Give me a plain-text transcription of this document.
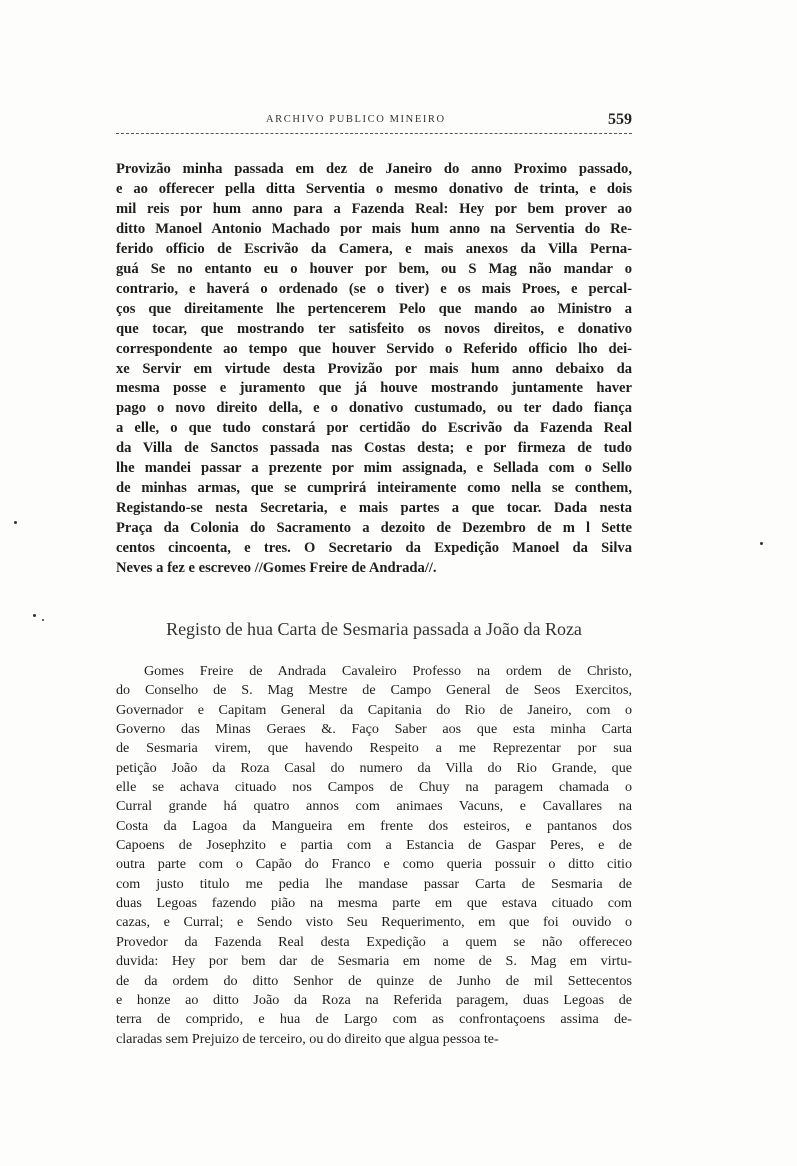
ARCHIVO PUBLICO MINEIRO	559
Provizão minha passada em dez de Janeiro do anno Proximo passado,
e ao offerecer pella ditta Serventia o mesmo donativo de trinta, e dois
mil reis por hum anno para a Fazenda Real: Hey por bem prover ao
ditto Manoel Antonio Machado por mais hum anno na Serventia do Re-
ferido officio de Escrivão da Camera, e mais anexos da Villa Perna-
guá Se no entanto eu o houver por bem, ou S Mag não mandar o
contrario, e haverá o ordenado (se o tiver) e os mais Proes, e percal-
ços que direitamente lhe pertencerem Pelo que mando ao Ministro a
que tocar, que mostrando ter satisfeito os novos direitos, e donativo
correspondente ao tempo que houver Servido o Referido officio lho dei-
xe Servir em virtude desta Provizão por mais hum anno debaixo da
mesma posse e juramento que já houve mostrando juntamente haver
pago o novo direito della, e o donativo custumado, ou ter dado fiança
a elle, o que tudo constará por certidão do Escrivão da Fazenda Real
da Villa de Sanctos passada nas Costas desta; e por firmeza de tudo
lhe mandei passar a prezente por mim assignada, e Sellada com o Sello
de minhas armas, que se cumprirá inteiramente como nella se conthem,
Registando-se nesta Secretaria, e mais partes a que tocar. Dada nesta
Praça da Colonia do Sacramento a dezoito de Dezembro de m l Sette
centos cincoenta, e tres. O Secretario da Expedição Manoel da Silva
Neves a fez e escreveo //Gomes Freire de Andrada//.
Registo de hua Carta de Sesmaria passada a João da Roza
Gomes Freire de Andrada Cavaleiro Professo na ordem de Christo,
do Conselho de S. Mag Mestre de Campo General de Seos Exercitos,
Governador e Capitam General da Capitania do Rio de Janeiro, com o
Governo das Minas Geraes &. Faço Saber aos que esta minha Carta
de Sesmaria virem, que havendo Respeito a me Reprezentar por sua
petição João da Roza Casal do numero da Villa do Rio Grande, que
elle se achava cituado nos Campos de Chuy na paragem chamada o
Curral grande há quatro annos com animaes Vacuns, e Cavallares na
Costa da Lagoa da Mangueira em frente dos esteiros, e pantanos dos
Capoens de Josephzito e partia com a Estancia de Gaspar Peres, e de
outra parte com o Capão do Franco e como queria possuir o ditto citio
com justo titulo me pedia lhe mandase passar Carta de Sesmaria de
duas Legoas fazendo pião na mesma parte em que estava cituado com
cazas, e Curral; e Sendo visto Seu Requerimento, em que foi ouvido o
Provedor da Fazenda Real desta Expedição a quem se não offereceo
duvida: Hey por bem dar de Sesmaria em nome de S. Mag em virtu-
de da ordem do ditto Senhor de quinze de Junho de mil Settecentos
e honze ao ditto João da Roza na Referida paragem, duas Legoas de
terra de comprido, e hua de Largo com as confrontaçoens assima de-
claradas sem Prejuizo de terceiro, ou do direito que algua pessoa te-
